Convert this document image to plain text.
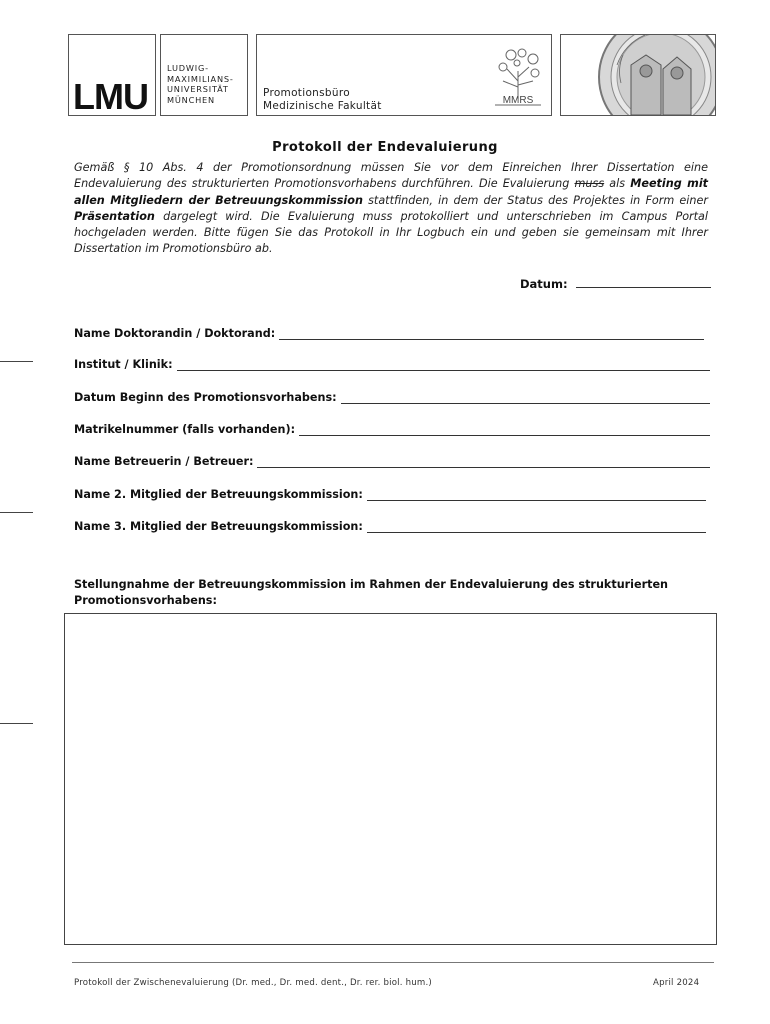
LMU
LUDWIG-
MAXIMILIANS-
UNIVERSITÄT
MÜNCHEN
Promotionsbüro
Medizinische Fakultät	MMRS
Protokoll der Endevaluierung
Gemäß § 10 Abs. 4 der Promotionsordnung müssen Sie vor dem Einreichen Ihrer Dissertation eine Endevaluierung des strukturierten Promotionsvorhabens durchführen. Die Evaluierung muss als Meeting mit allen Mitgliedern der Betreuungskommission stattfinden, in dem der Status des Projektes in Form einer Präsentation dargelegt wird. Die Evaluierung muss protokolliert und unterschrieben im Campus Portal hochgeladen werden. Bitte fügen Sie das Protokoll in Ihr Logbuch ein und geben sie gemeinsam mit Ihrer Dissertation im Promotionsbüro ab.
Datum:
Name Doktorandin / Doktorand:
Institut / Klinik:
Datum Beginn des Promotionsvorhabens:
Matrikelnummer (falls vorhanden):
Name Betreuerin / Betreuer:
Name 2. Mitglied der Betreuungskommission:
Name 3. Mitglied der Betreuungskommission:
Stellungnahme der Betreuungskommission im Rahmen der Endevaluierung des strukturierten Promotionsvorhabens:
Protokoll der Zwischenevaluierung (Dr. med., Dr. med. dent., Dr. rer. biol. hum.)	April 2024
